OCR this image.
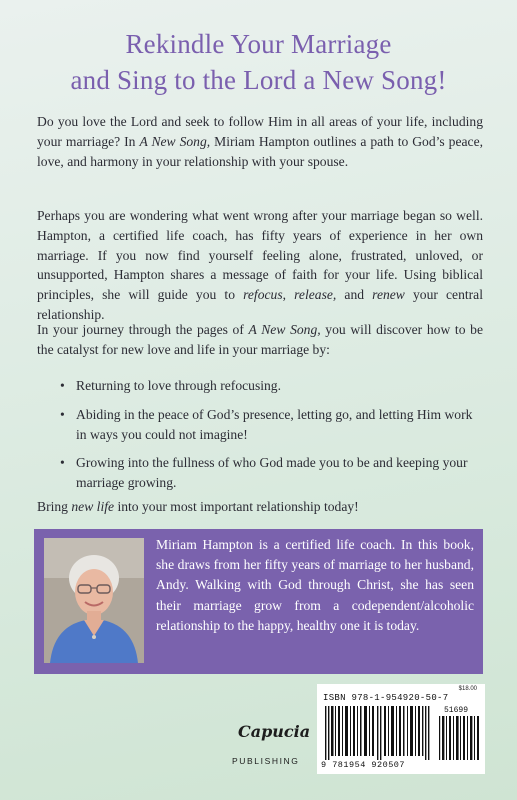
Rekindle Your Marriage
and Sing to the Lord a New Song!
Do you love the Lord and seek to follow Him in all areas of your life, including your marriage? In A New Song, Miriam Hampton outlines a path to God’s peace, love, and harmony in your relationship with your spouse.
Perhaps you are wondering what went wrong after your marriage began so well. Hampton, a certified life coach, has fifty years of experience in her own marriage. If you now find yourself feeling alone, frustrated, unloved, or unsupported, Hampton shares a message of faith for your life. Using biblical principles, she will guide you to refocus, release, and renew your central relationship.
In your journey through the pages of A New Song, you will discover how to be the catalyst for new love and life in your marriage by:
• Returning to love through refocusing.
• Abiding in the peace of God’s presence, letting go, and letting Him work in ways you could not imagine!
• Growing into the fullness of who God made you to be and keeping your marriage growing.
Bring new life into your most important relationship today!
Miriam Hampton is a certified life coach. In this book, she draws from her fifty years of marriage to her husband, Andy. Walking with God through Christ, she has seen their marriage grow from a codependent/alcoholic relationship to the happy, healthy one it is today.
Capucia
PUBLISHING
$18.00
ISBN 978-1-954920-50-7
51699
9 781954 920507
